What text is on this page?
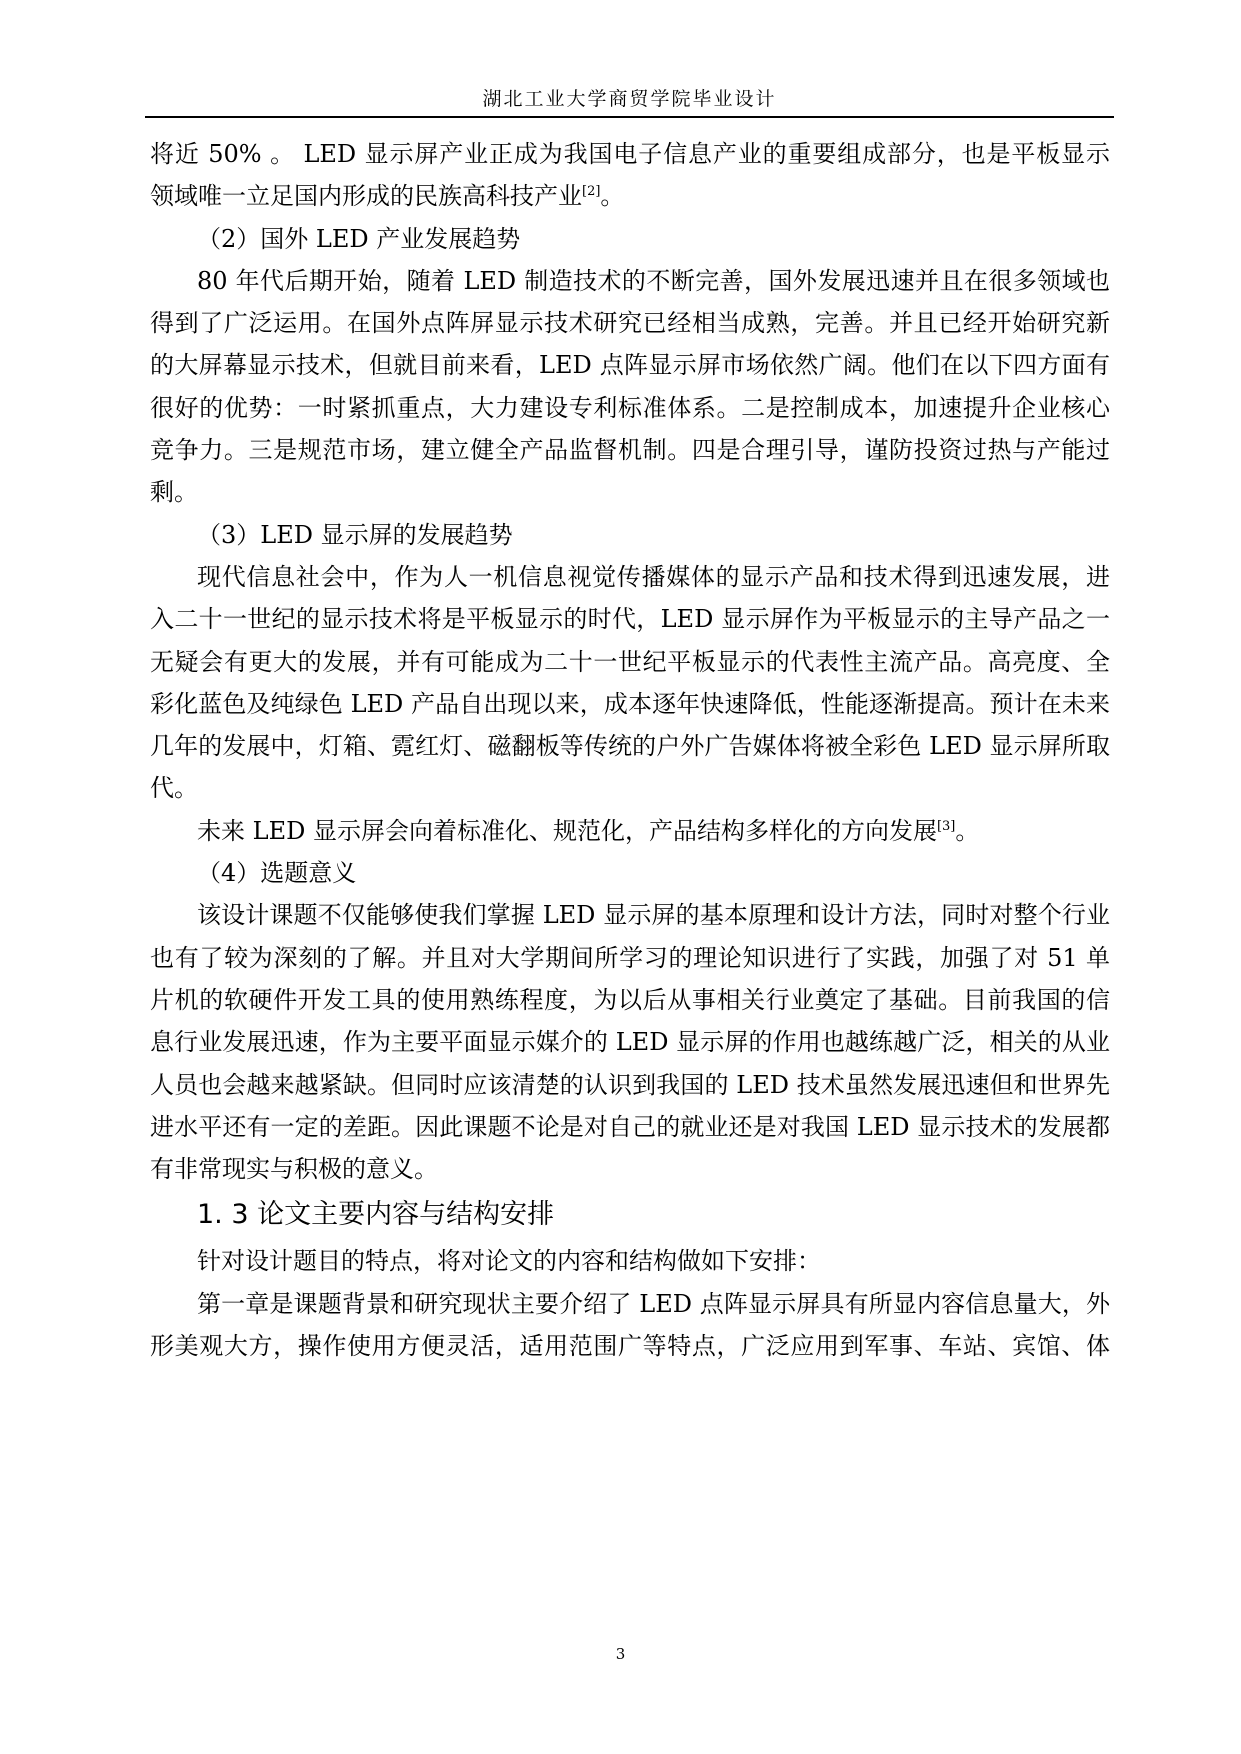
湖北工业大学商贸学院毕业设计
将近 50% 。 LED 显示屏产业正成为我国电子信息产业的重要组成部分，也是平板显示
领域唯一立足国内形成的民族高科技产业[2]。
（2）国外 LED 产业发展趋势
80 年代后期开始，随着 LED 制造技术的不断完善，国外发展迅速并且在很多领域也
得到了广泛运用。在国外点阵屏显示技术研究已经相当成熟，完善。并且已经开始研究新
的大屏幕显示技术，但就目前来看，LED 点阵显示屏市场依然广阔。他们在以下四方面有
很好的优势：一时紧抓重点，大力建设专利标准体系。二是控制成本，加速提升企业核心
竞争力。三是规范市场，建立健全产品监督机制。四是合理引导，谨防投资过热与产能过
剩。
（3）LED 显示屏的发展趋势
现代信息社会中，作为人一机信息视觉传播媒体的显示产品和技术得到迅速发展，进
入二十一世纪的显示技术将是平板显示的时代，LED 显示屏作为平板显示的主导产品之一
无疑会有更大的发展，并有可能成为二十一世纪平板显示的代表性主流产品。高亮度、全
彩化蓝色及纯绿色 LED 产品自出现以来，成本逐年快速降低，性能逐渐提高。预计在未来
几年的发展中，灯箱、霓红灯、磁翻板等传统的户外广告媒体将被全彩色 LED 显示屏所取
代。
未来 LED 显示屏会向着标准化、规范化，产品结构多样化的方向发展[3]。
（4）选题意义
该设计课题不仅能够使我们掌握 LED 显示屏的基本原理和设计方法，同时对整个行业
也有了较为深刻的了解。并且对大学期间所学习的理论知识进行了实践，加强了对 51 单
片机的软硬件开发工具的使用熟练程度，为以后从事相关行业奠定了基础。目前我国的信
息行业发展迅速，作为主要平面显示媒介的 LED 显示屏的作用也越练越广泛，相关的从业
人员也会越来越紧缺。但同时应该清楚的认识到我国的 LED 技术虽然发展迅速但和世界先
进水平还有一定的差距。因此课题不论是对自己的就业还是对我国 LED 显示技术的发展都
有非常现实与积极的意义。
1. 3 论文主要内容与结构安排
针对设计题目的特点，将对论文的内容和结构做如下安排：
第一章是课题背景和研究现状主要介绍了 LED 点阵显示屏具有所显内容信息量大，外
形美观大方，操作使用方便灵活，适用范围广等特点，广泛应用到军事、车站、宾馆、体
3
